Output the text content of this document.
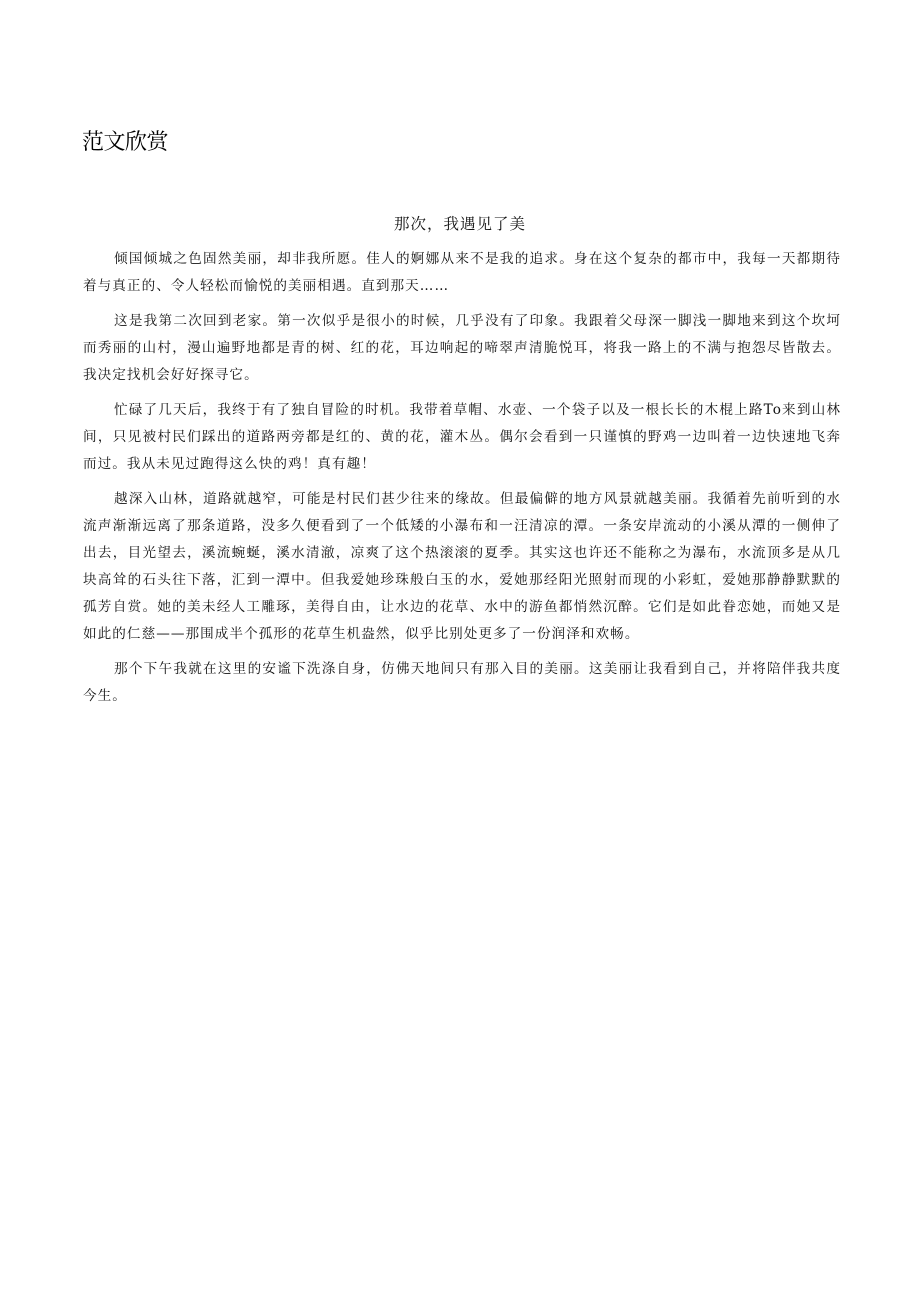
范文欣赏
那次，我遇见了美

倾国倾城之色固然美丽，却非我所愿。佳人的婀娜从来不是我的追求。身在这个复杂的都市中，我每一天都期待着与真正的、令人轻松而愉悦的美丽相遇。直到那天……

这是我第二次回到老家。第一次似乎是很小的时候，几乎没有了印象。我跟着父母深一脚浅一脚地来到这个坎坷而秀丽的山村，漫山遍野地都是青的树、红的花，耳边响起的啼翠声清脆悦耳，将我一路上的不满与抱怨尽皆散去。我决定找机会好好探寻它。

忙碌了几天后，我终于有了独自冒险的时机。我带着草帽、水壶、一个袋子以及一根长长的木棍上路To来到山林间，只见被村民们踩出的道路两旁都是红的、黄的花，灌木丛。偶尔会看到一只谨慎的野鸡一边叫着一边快速地飞奔而过。我从未见过跑得这么快的鸡！真有趣！

越深入山林，道路就越窄，可能是村民们甚少往来的缘故。但最偏僻的地方风景就越美丽。我循着先前听到的水流声渐渐远离了那条道路，没多久便看到了一个低矮的小瀑布和一汪清凉的潭。一条安岸流动的小溪从潭的一侧伸了出去，目光望去，溪流蜿蜒，溪水清澈，凉爽了这个热滚滚的夏季。其实这也许还不能称之为瀑布，水流顶多是从几块高耸的石头往下落，汇到一潭中。但我爱她珍珠般白玉的水，爱她那经阳光照射而现的小彩虹，爱她那静静默默的孤芳自赏。她的美未经人工雕琢，美得自由，让水边的花草、水中的游鱼都悄然沉醉。它们是如此眷恋她，而她又是如此的仁慈——那围成半个孤形的花草生机盎然，似乎比别处更多了一份润泽和欢畅。

那个下午我就在这里的安谧下洗涤自身，仿佛天地间只有那入目的美丽。这美丽让我看到自己，并将陪伴我共度今生。
